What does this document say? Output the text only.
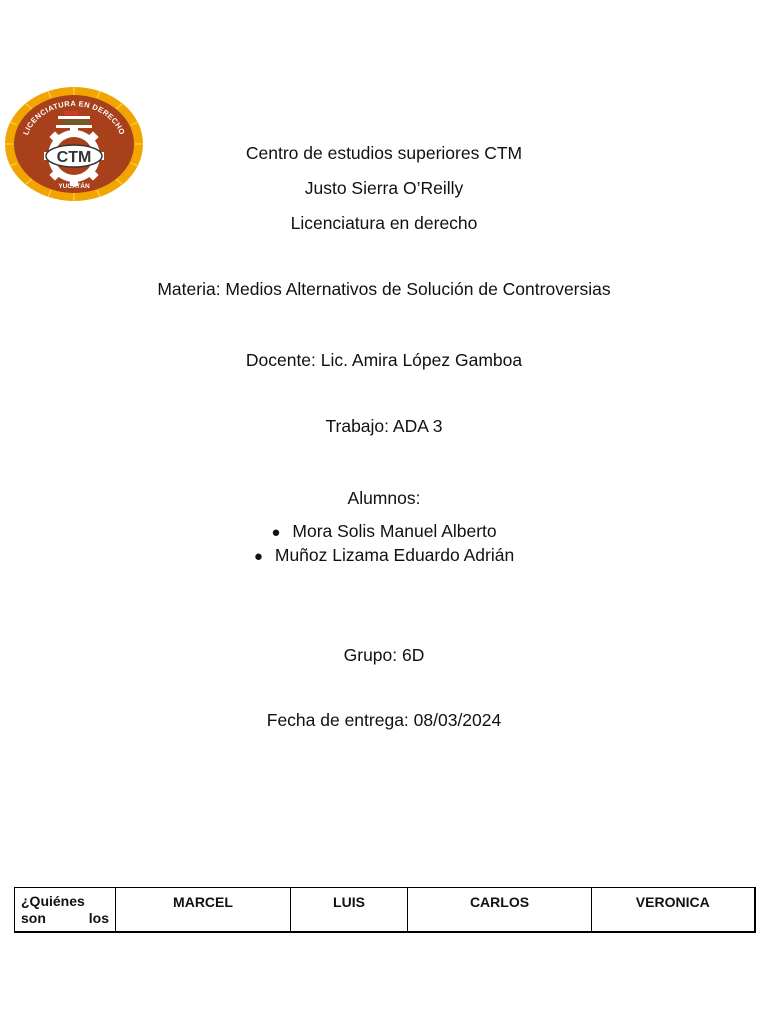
LICENCIATURA EN DERECHO
CTM
YUCATÁN
Centro de estudios superiores CTM
Justo Sierra O’Reilly
Licenciatura en derecho
Materia: Medios Alternativos de Solución de Controversias
Docente: Lic. Amira López Gamboa
Trabajo: ADA 3
Alumnos:
● Mora Solis Manuel Alberto
● Muñoz Lizama Eduardo Adrián
Grupo: 6D
Fecha de entrega: 08/03/2024
¿Quiénes son los	MARCEL	LUIS	CARLOS	VERONICA
